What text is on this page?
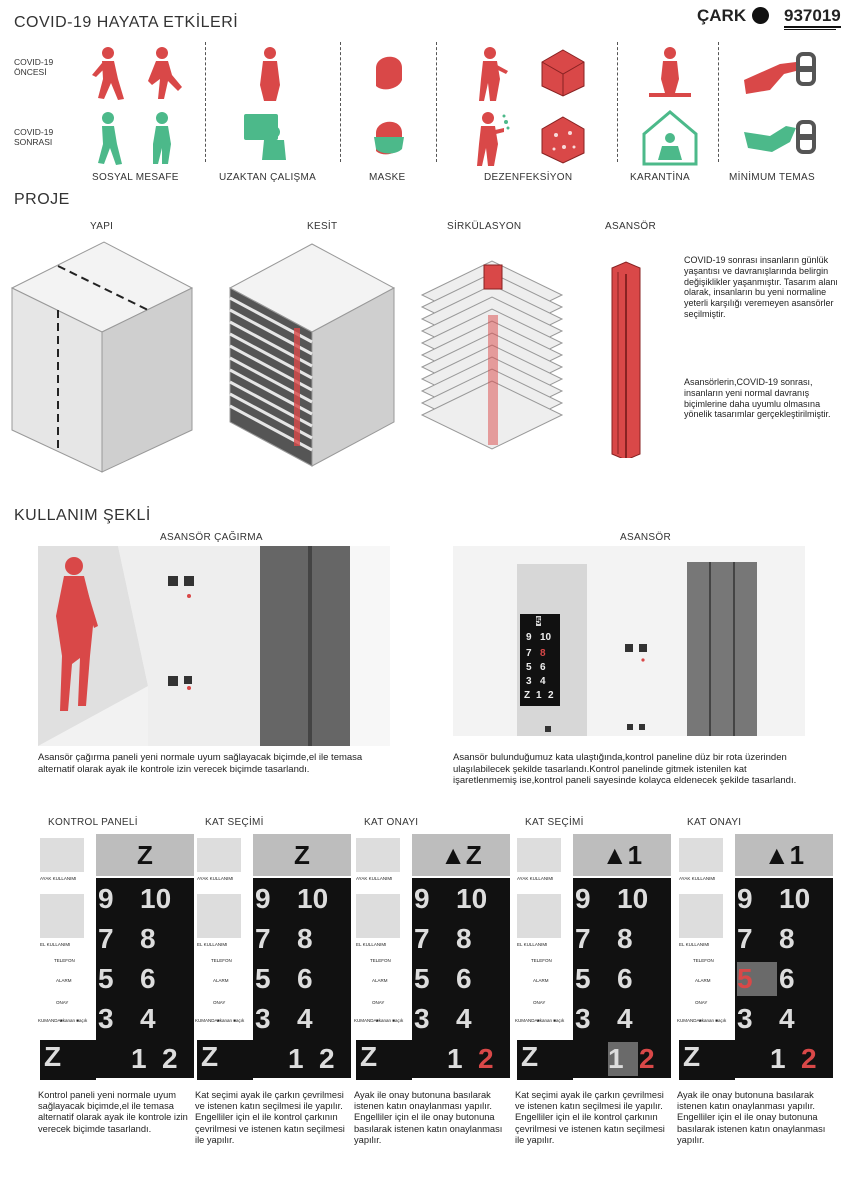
COVID-19 HAYATA ETKİLERİ	ÇARK 937019
COVID-19
ÖNCESİ
COVID-19
SONRASI
SOSYAL MESAFE	UZAKTAN ÇALIŞMA	MASKE	DEZENFEKSİYON	KARANTİNA	MİNİMUM TEMAS
PROJE
YAPI	KESİT	SİRKÜLASYON	ASANSÖR
COVID-19 sonrası insanların günlük yaşantısı ve davranışlarında belirgin değişiklikler yaşanmıştır. Tasarım alanı olarak, insanların bu yeni normaline yeterli karşılığı veremeyen asansörler seçilmiştir.
Asansörlerin,COVID-19 sonrası, insanların yeni normal davranış biçimlerine daha uyumlu olmasına yönelik tasarımlar gerçekleştirilmiştir.
KULLANIM ŞEKLİ
ASANSÖR ÇAĞIRMA	ASANSÖR
Asansör çağırma paneli yeni normale uyum sağlayacak biçimde,el ile temasa alternatif olarak ayak ile kontrole izin verecek biçimde tasarlandı.
5
9 10
7 8
5 6
3 4
Z 1 2
Asansör bulunduğumuz kata ulaştığında,kontrol paneline düz bir rota üzerinden ulaşılabilecek şekilde tasarlandı.Kontrol panelinde gitmek istenilen kat işaretlenmemiş ise,kontrol paneli sayesinde kolayca eldenecek şekilde tasarlandı.
KONTROL PANELİ
AYAK KULLANIMI
EL KULLANIMI
TELEFON
ALARM
ONAY
KUMANDA ■kanan ■açık
Z
9 10
7 8
5 6
3 4
Z	1 2
Kontrol paneli yeni normale uyum sağlayacak biçimde,el ile temasa alternatif olarak ayak ile kontrole izin verecek biçimde tasarlandı.
KAT SEÇİMİ
AYAK KULLANIMI
EL KULLANIMI
TELEFON
ALARM
ONAY
KUMANDA ■kanan ■açık
Z
9 10
7 8
5 6
3 4
Z	1 2
Kat seçimi ayak ile çarkın çevrilmesi ve istenen katın seçilmesi ile yapılır. Engelliler için el ile kontrol çarkının çevrilmesi ve istenen katın seçilmesi ile yapılır.
KAT ONAYI
AYAK KULLANIMI
EL KULLANIMI
TELEFON
ALARM
ONAY
KUMANDA ■kanan ■açık
▲Z
9 10
7 8
5 6
3 4
Z	1 2
Ayak ile onay butonuna basılarak istenen katın onaylanması yapılır. Engelliler için el ile onay butonuna basılarak istenen katın onaylanması yapılır.
KAT SEÇİMİ
AYAK KULLANIMI
EL KULLANIMI
TELEFON
ALARM
ONAY
KUMANDA ■kanan ■açık
▲1
9 10
7 8
5 6
3 4
Z	1 2
Kat seçimi ayak ile çarkın çevrilmesi ve istenen katın seçilmesi ile yapılır. Engelliler için el ile kontrol çarkının çevrilmesi ve istenen katın seçilmesi ile yapılır.
KAT ONAYI
AYAK KULLANIMI
EL KULLANIMI
TELEFON
ALARM
ONAY
KUMANDA ■kanan ■açık
▲1
9 10
7 8
5 6
3 4
Z	1 2
Ayak ile onay butonuna basılarak istenen katın onaylanması yapılır. Engelliler için el ile onay butonuna basılarak istenen katın onaylanması yapılır.
